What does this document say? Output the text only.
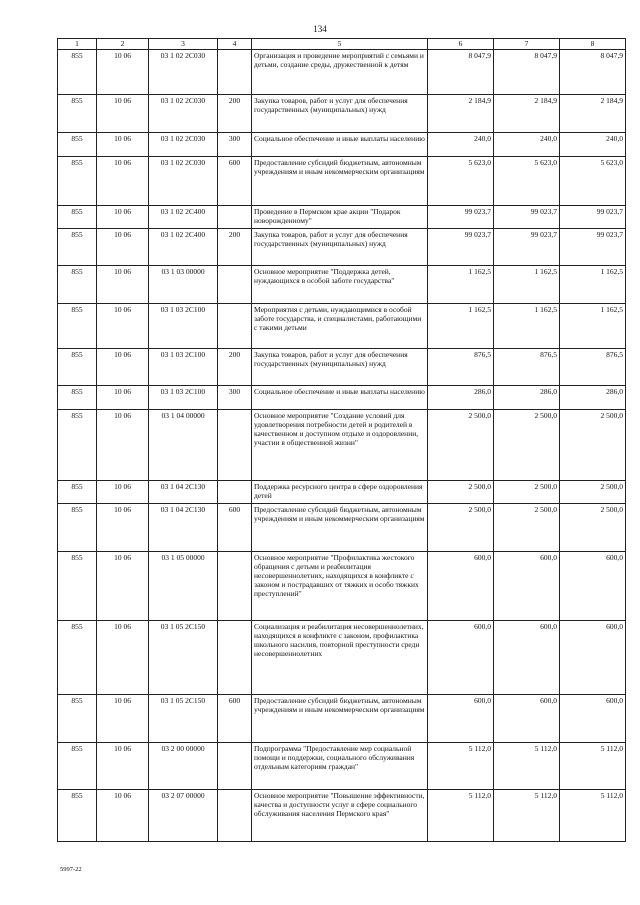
134
1	2	3	4	5	6	7	8
855	10 06	03 1 02 2С030		Организация и проведение мероприятий с семьями и детьми, создание среды, дружественной к детям	8 047,9	8 047,9	8 047,9
855	10 06	03 1 02 2С030	200	Закупка товаров, работ и услуг для обеспечения государственных (муниципальных) нужд	2 184,9	2 184,9	2 184,9
855	10 06	03 1 02 2С030	300	Социальное обеспечение и иные выплаты населению	240,0	240,0	240,0
855	10 06	03 1 02 2С030	600	Предоставление субсидий бюджетным, автономным учреждениям и иным некоммерческим организациям	5 623,0	5 623,0	5 623,0
855	10 06	03 1 02 2С400		Проведение в Пермском крае акции "Подарок новорожденному"	99 023,7	99 023,7	99 023,7
855	10 06	03 1 02 2С400	200	Закупка товаров, работ и услуг для обеспечения государственных (муниципальных) нужд	99 023,7	99 023,7	99 023,7
855	10 06	03 1 03 00000		Основное мероприятие "Поддержка детей, нуждающихся в особой заботе государства"	1 162,5	1 162,5	1 162,5
855	10 06	03 1 03 2С100		Мероприятия с детьми, нуждающимися в особой заботе государства, и специалистами, работающими с такими детьми	1 162,5	1 162,5	1 162,5
855	10 06	03 1 03 2С100	200	Закупка товаров, работ и услуг для обеспечения государственных (муниципальных) нужд	876,5	876,5	876,5
855	10 06	03 1 03 2С100	300	Социальное обеспечение и иные выплаты населению	286,0	286,0	286,0
855	10 06	03 1 04 00000		Основное мероприятие "Создание условий для удовлетворения потребности детей и родителей в качественном и доступном отдыхе и оздоровлении, участии в общественной жизни"	2 500,0	2 500,0	2 500,0
855	10 06	03 1 04 2С130		Поддержка ресурсного центра в сфере оздоровления детей	2 500,0	2 500,0	2 500,0
855	10 06	03 1 04 2С130	600	Предоставление субсидий бюджетным, автономным учреждениям и иным некоммерческим организациям	2 500,0	2 500,0	2 500,0
855	10 06	03 1 05 00000		Основное мероприятие "Профилактика жестокого обращения с детьми и реабилитация несовершеннолетних, находящихся в конфликте с законом и пострадавших от тяжких и особо тяжких преступлений"	600,0	600,0	600,0
855	10 06	03 1 05 2С150		Социализация и реабилитация несовершеннолетних, находящихся в конфликте с законом, профилактика школьного насилия, повторной преступности среди несовершеннолетних	600,0	600,0	600,0
855	10 06	03 1 05 2С150	600	Предоставление субсидий бюджетным, автономным учреждениям и иным некоммерческим организациям	600,0	600,0	600,0
855	10 06	03 2 00 00000		Подпрограмма "Предоставление мер социальной помощи и поддержки, социального обслуживания отдельным категориям граждан"	5 112,0	5 112,0	5 112,0
855	10 06	03 2 07 00000		Основное мероприятие "Повышение эффективности, качества и доступности услуг в сфере социального обслуживания населения Пермского края"	5 112,0	5 112,0	5 112,0
5997-22
